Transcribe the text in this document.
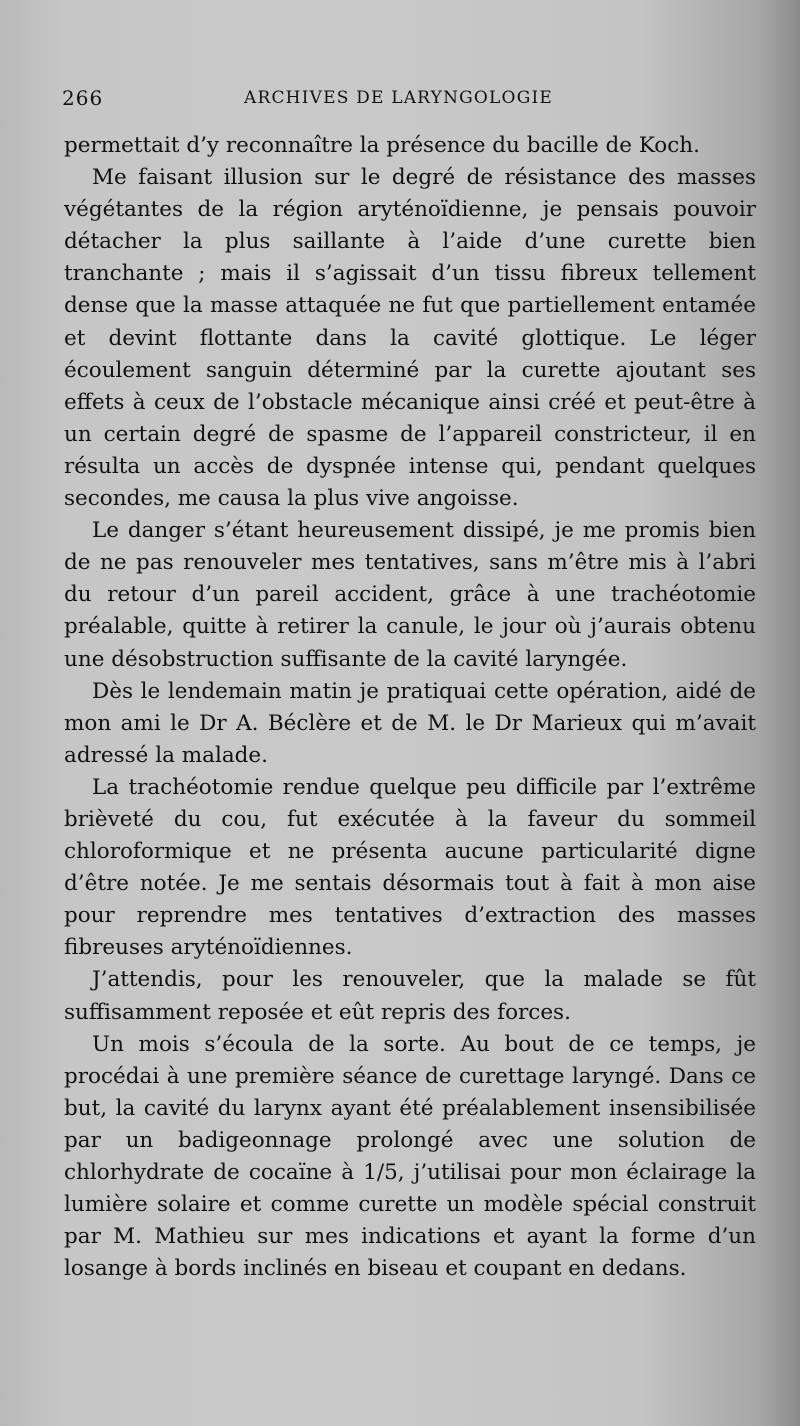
266	ARCHIVES DE LARYNGOLOGIE

permettait d’y reconnaître la présence du bacille de Koch.

Me faisant illusion sur le degré de résistance des masses végétantes de la région aryténoïdienne, je pensais pouvoir détacher la plus saillante à l’aide d’une curette bien tranchante ; mais il s’agissait d’un tissu fibreux tellement dense que la masse attaquée ne fut que partiellement entamée et devint flottante dans la cavité glottique. Le léger écoulement sanguin déterminé par la curette ajoutant ses effets à ceux de l’obstacle mécanique ainsi créé et peut-être à un certain degré de spasme de l’appareil constricteur, il en résulta un accès de dyspnée intense qui, pendant quelques secondes, me causa la plus vive angoisse.

Le danger s’étant heureusement dissipé, je me promis bien de ne pas renouveler mes tentatives, sans m’être mis à l’abri du retour d’un pareil accident, grâce à une trachéotomie préalable, quitte à retirer la canule, le jour où j’aurais obtenu une désobstruction suffisante de la cavité laryngée.

Dès le lendemain matin je pratiquai cette opération, aidé de mon ami le Dr A. Béclère et de M. le Dr Marieux qui m’avait adressé la malade.

La trachéotomie rendue quelque peu difficile par l’extrême brièveté du cou, fut exécutée à la faveur du sommeil chloroformique et ne présenta aucune particularité digne d’être notée. Je me sentais désormais tout à fait à mon aise pour reprendre mes tentatives d’extraction des masses fibreuses aryténoïdiennes.

J’attendis, pour les renouveler, que la malade se fût suffisamment reposée et eût repris des forces.

Un mois s’écoula de la sorte. Au bout de ce temps, je procédai à une première séance de curettage laryngé. Dans ce but, la cavité du larynx ayant été préalablement insensibilisée par un badigeonnage prolongé avec une solution de chlorhydrate de cocaïne à 1/5, j’utilisai pour mon éclairage la lumière solaire et comme curette un modèle spécial construit par M. Mathieu sur mes indications et ayant la forme d’un losange à bords inclinés en biseau et coupant en dedans.
